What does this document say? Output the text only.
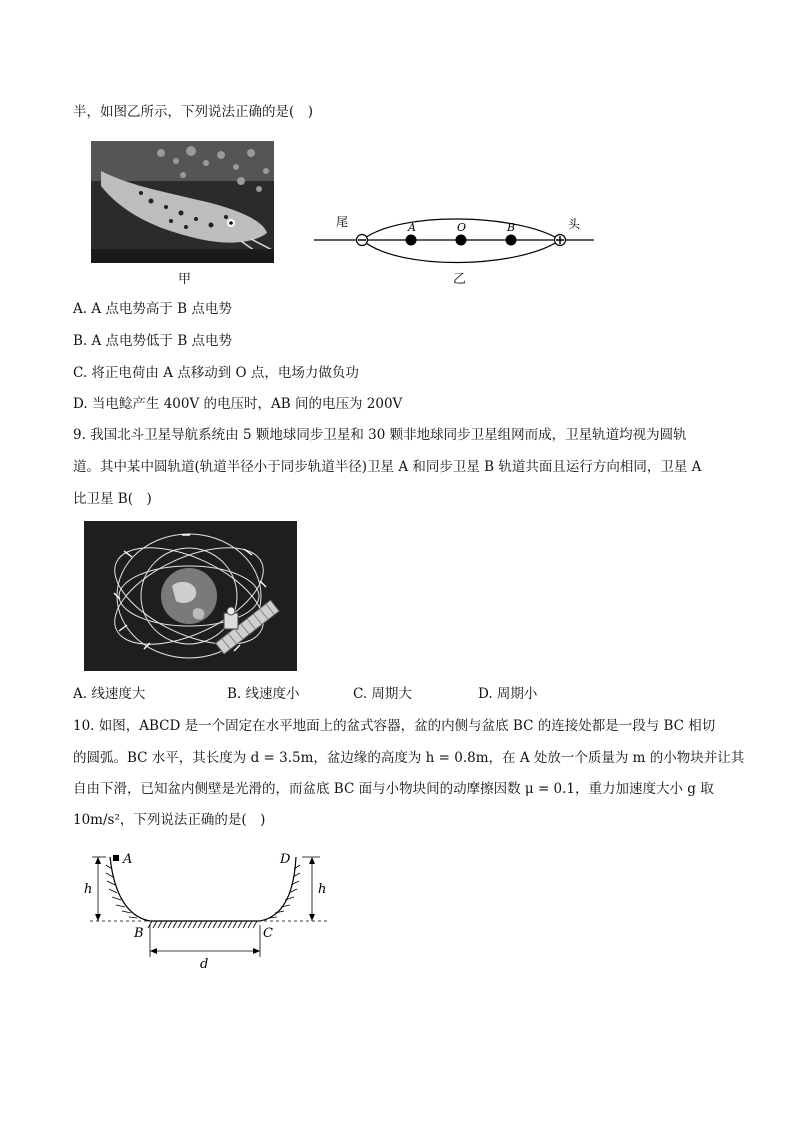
半，如图乙所示，下列说法正确的是(　)
甲
尾	头
A	O	B
乙
A. A 点电势高于 B 点电势
B. A 点电势低于 B 点电势
C. 将正电荷由 A 点移动到 O 点，电场力做负功
D. 当电鲶产生 400V 的电压时，AB 间的电压为 200V
9. 我国北斗卫星导航系统由 5 颗地球同步卫星和 30 颗非地球同步卫星组网而成，卫星轨道均视为圆轨
道。其中某中圆轨道(轨道半径小于同步轨道半径)卫星 A 和同步卫星 B 轨道共面且运行方向相同，卫星 A
比卫星 B(　)
A. 线速度大	B. 线速度小	C. 周期大	D. 周期小
10. 如图，ABCD 是一个固定在水平地面上的盆式容器，盆的内侧与盆底 BC 的连接处都是一段与 BC 相切
的圆弧。BC 水平，其长度为 d = 3.5m，盆边缘的高度为 h = 0.8m，在 A 处放一个质量为 m 的小物块并让其
自由下滑，已知盆内侧壁是光滑的，而盆底 BC 面与小物块间的动摩擦因数 μ = 0.1，重力加速度大小 g 取
10m/s²，下列说法正确的是(　)
A	D
B	C
h	h
d
